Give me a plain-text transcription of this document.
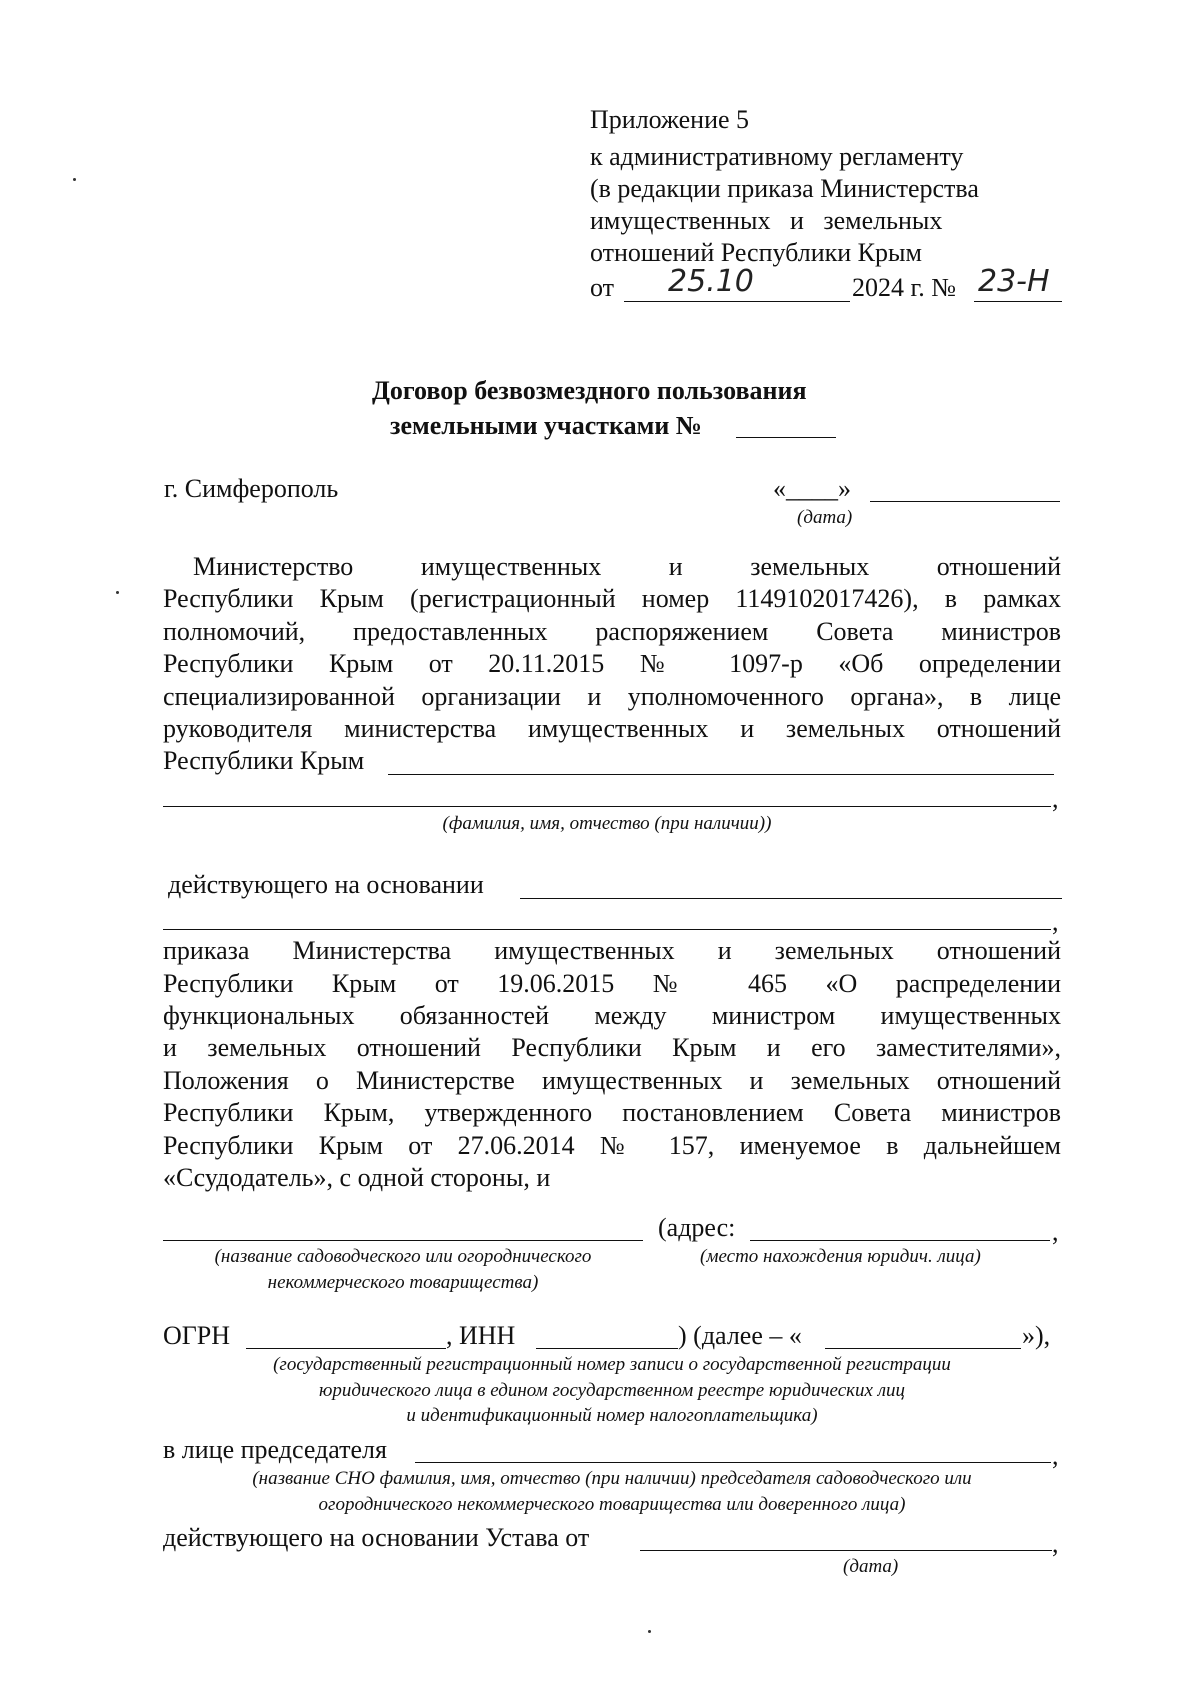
Приложение 5
к административному регламенту
(в редакции приказа Министерства
имущественных   и   земельных
отношений Республики Крым
от 25.10	2024 г. № 23-Н
Договор безвозмездного пользования
земельными участками №
г. Симферополь	«____»
(дата)
Министерство имущественных и земельных отношений
Республики Крым (регистрационный номер 1149102017426), в рамках
полномочий, предоставленных распоряжением Совета министров
Республики Крым от 20.11.2015 № 1097-р «Об определении
специализированной организации и уполномоченного органа», в лице
руководителя министерства имущественных и земельных отношений
Республики Крым
,
(фамилия, имя, отчество (при наличии))
действующего на основании
,
приказа Министерства имущественных и земельных отношений
Республики Крым от 19.06.2015 № 465 «О распределении
функциональных обязанностей между министром имущественных
и земельных отношений Республики Крым и его заместителями»,
Положения о Министерстве имущественных и земельных отношений
Республики Крым, утвержденного постановлением Совета министров
Республики Крым от 27.06.2014 № 157, именуемое в дальнейшем
«Ссудодатель», с одной стороны, и
(адрес:	,
(название садоводческого или огороднического
некоммерческого товарищества)
(место нахождения юридич. лица)
ОГРН	, ИНН	) (далее – «	»),
(государственный регистрационный номер записи о государственной регистрации
юридического лица в едином государственном реестре юридических лиц
и идентификационный номер налогоплательщика)
в лице председателя	,
(название СНО фамилия, имя, отчество (при наличии) председателя садоводческого или
огороднического некоммерческого товарищества или доверенного лица)
действующего на основании Устава от	,
(дата)
